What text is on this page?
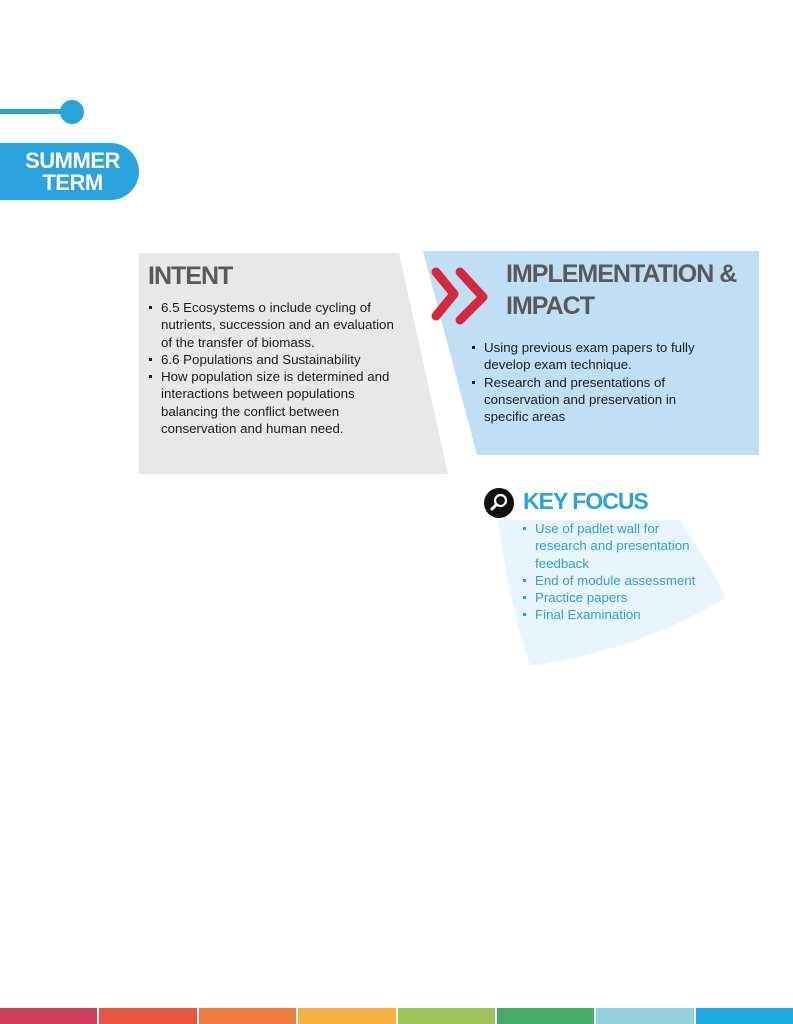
SUMMER
TERM
INTENT
6.5 Ecosystems o include cycling of nutrients, succession and an evaluation of the transfer of biomass.
6.6 Populations and Sustainability
How population size is determined and interactions between populations balancing the conflict between conservation and human need.
IMPLEMENTATION &
IMPACT
Using previous exam papers to fully develop exam technique.
Research and presentations of conservation and preservation in specific areas
KEY FOCUS
Use of padlet wall for research and presentation feedback
End of module assessment
Practice papers
Final Examination
